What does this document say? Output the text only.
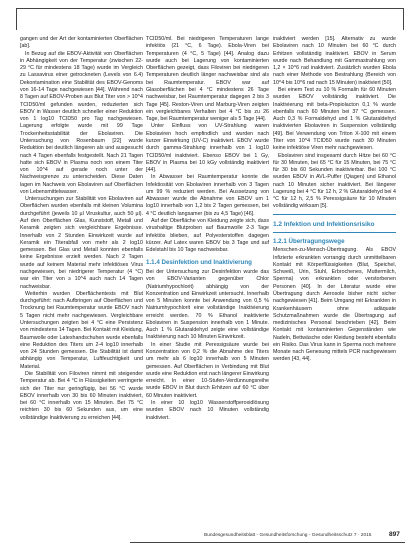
gangen und der Art der kontaminierten Oberflächen [ab].

In Bezug auf die EBOV-Aktivität von Oberflächen in Abhängigkeit von der Temperatur (zwischen 22-29 °C für mindestens 18 Tage) wurde im Vergleich zu Lassavirus einer getrockneten (Levels von 6.4) Dekontamination eine Stabilität des EBOV-Genoms von 16-14 Tage nachgewiesen [44]. Während nach 8 Tagen auf EBOV-Proben aus Blut Titer von > 10^4 TCID50/ml gefunden wurden, reduzierten sich EBOV in Wasser deutlich schneller einer Reduktion von 1 log10 TCID50 pro Tag nachgewiesen. Lagerung erfolgte wurde mit 99 Tage Trockenheitsstabilität der Ebolaviren. Die Untersuchung von Rosenbaum [22] wurde Reduktion bei deutlich längeren als und ausgesucht nach 4 Tagen ebenfalls festgestellt. Nach 21 Tagen hatte sich EBOV in Plasma noch von einem Titer von 10^4 auf gerade noch unter der Nachweisgrenze zu unterscheiden. Diese Daten lagen im Nachweis von Ebolaviren auf Oberflächen von Lebensmittelwasser.

Untersuchungen zur Stabilität von Ebolaviren auf Oberflächen wurden ebenfalls mit kleinen Volumina durchgeführt (jeweils 10 µl Viruskultur, auch 50 µl). Auf den Oberflächen Glas, Kunststoff, Metall und Keramik zeigten sich vergleichbare Ergebnisse. Innerhalb von 2 Stunden Einwirkzeit wurde auf Keramik ein Titerabfall von mehr als 2 log10 gemessen. Bei Glas und Metall konnten ebenfalls keine Ergebnisse erzielt werden. Nach 2 Tagen wurde auf keinem Material mehr infektiöses Virus nachgewiesen, bei niedrigerer Temperatur (4 °C) war ein Titer von ≥ 10^4 auch nach 14 Tagen nachweisbar.

Weiterhin wurden Oberflächentests mit Blut durchgeführt: nach Aufbringen auf Oberflächen und Trocknung bei Raumtemperatur wurde EBOV nach 5 Tagen nicht mehr nachgewiesen. Vergleichbare Untersuchungen zeigten bei 4 °C eine Persistenz von mindestens 14 Tagen. Bei Kontakt mit Kleidung, Baumwolle oder Latexhandschuhen wurde ebenfalls eine Reduktion des Titers um 2-4 log10 innerhalb von 24 Stunden gemessen. Die Stabilität ist damit abhängig von Temperatur, Luftfeuchtigkeit und Material.

Die Stabilität von Filoviren nimmt mit steigender Temperatur ab. Bei 4 °C in Flüssigkeiten verringerte sich der Titer nur geringfügig, bei 56 °C wurde EBOV innerhalb von 30 bis 60 Minuten inaktiviert, bei 60 °C innerhalb von 15 Minuten. Bei 75 °C reichten 30 bis 60 Sekunden aus, um eine vollständige Inaktivierung zu erreichen [44].

TCID50/ml. Bei niedrigeren Temperaturen lange infektiös (21 °C, 6 Tage). Ebola-Viren bei Temperaturen (4 °C, 5 Tage) [44]. Analog dazu wurde auch bei Lagerung von kontaminierten Oberflächen gezeigt, dass Filoviren bei niedrigeren Temperaturen deutlich länger nachweisbar sind als bei Raumtemperatur. EBOV war auf Glasoberflächen bei 4 °C mindestens 26 Tage nachweisbar, bei Raumtemperatur dagegen 2 bis 3 Tage [45]. Reston-Viren und Marburg-Viren zeigten ein vergleichbares Verhalten bei 4 °C bis zu 26 Tage, bei Raumtemperatur weniger als 5 Tage [44].

Unter Einfluss von UV-Strahlung waren Ebolaviren hoch empfindlich und wurden nach kurzer Einwirkung (UV-C) inaktiviert. EBOV wurde durch gamma-Strahlung innerhalb von 1 log10 TCID50/ml inaktiviert. Ebenso EBOV bei 1 Gy, EBOV in Plasma bei 10 kGy vollständig inaktiviert [44].

In Abwasser bei Raumtemperatur konnte die Infektiosität von Ebolaviren innerhalb von 3 Tagen um 99 % reduziert werden. Bei Aussetzung von Abwasser wurde die Abnahme von EBOV um 1 log10 innerhalb von 1,2 bis 2 Tagen gemessen, bei 4 °C deutlich langsamer (bis zu 4,5 Tage) [46].

Auf der Oberfläche von Kleidung zeigte sich, dass virushaltige Blutproben auf Baumwolle 2-3 Tage infektiös blieben, auf Polyesterstoffen dagegen kürzer. Auf Latex waren EBOV bis 3 Tage und auf Edelstahl bis 10 Tage nachweisbar.

1.1.4 Desinfektion und Inaktivierung

Bei der Untersuchung zur Desinfektion wurde das von EBOV-Varianten gegenüber Chlor (Natriumhypochlorit) abhängig von der Konzentration und Einwirkzeit untersucht. Innerhalb von 5 Minuten konnte bei Anwendung von 0,5 % Natriumhypochlorit eine vollständige Inaktivierung erreicht werden. 70 % Ethanol inaktivierte Ebolaviren in Suspension innerhalb von 1 Minute. Auch 1 % Glutaraldehyd zeigte eine vollständige Inaktivierung nach 10 Minuten Einwirkzeit.

In einer Studie mit Peressigsäure wurde bei Konzentration von 0,2 % die Abnahme des Titers um mehr als 6 log10 innerhalb von 5 Minuten gemessen. Auf Oberflächen in Verbindung mit Blut wurde eine Reduktion erst nach längerer Einwirkung erreicht. In einer 10-Stufen-Verdünnungsreihe wurde EBOV in Blut durch Erhitzen auf 60 °C über 60 Minuten inaktiviert.

In einer 10 log10 Wasserstoffperoxidlösung wurden EBOV nach 10 Minuten vollständig inaktiviert.

inaktiviert werden [15]. Alternativ zu wurde Ebolaviren nach 10 Minuten bei 60 °C durch Erhitzen vollständig inaktiviert. EBOV in Serum wurde nach Behandlung mit Gammastrahlung von 1,2 × 10^6 rad inaktiviert. Zusätzlich wurden Ebola nach einer Methode von Bestrahlung (Bereich von 10^4 bis 10^6 rad nach 15 Minuten) inaktiviert [50].

Bei einem Test zu 10 % Formalin für 60 Minuten wurden EBOV vollständig inaktiviert. Die Inaktivierung mit beta-Propiolacton 0,1 % wurde ebenfalls nach 60 Minuten bei 37 °C gemessen. Auch 0,3 % Formaldehyd und 1 % Glutaraldehyd inaktivierten Ebolaviren in Suspension vollständig [49]. Bei Verwendung von Triton X-100 mit einem Titer von 10^4 TCID50 wurde nach 30 Minuten keine infektiöse Viren mehr nachgewiesen.

Ebolaviren sind insgesamt durch Hitze bei 60 °C für 30 Minuten, bei 65 °C für 15 Minuten, bei 75 °C für 30 bis 60 Sekunden inaktivierbar. Bei 100 °C wurden EBOV in AVL-Puffer (Qiagen) und Ethanol nach 10 Minuten sicher inaktiviert. Bei längerer Lagerung bei 4 °C für 12 h, 2 % Glutaraldehyd bei 4 °C für 12 h, 2,5 % Peressigsäure für 10 Minuten vollständig wirksam [5].

1.2 Infektion und Infektionsrisiko
1.2.1 Übertragungswege

Menschen-zu-Mensch-Übertragung. Als EBOV Infizierte erkrankten vorrangig durch unmittelbaren Kontakt mit Körperflüssigkeiten (Blut, Speichel, Schweiß, Urin, Stuhl, Erbrochenes, Muttermilch, Sperma) von erkrankten oder verstorbenen Personen [40]. In der Literatur wurde eine Übertragung durch Aerosole bisher nicht sicher nachgewiesen [41]. Beim Umgang mit Erkrankten in Krankenhäusern ohne adäquate Schutzmaßnahmen wurde die Übertragung auf medizinisches Personal beschrieben [42]. Beim Kontakt mit kontaminierten Gegenständen wie Nadeln, Bettwäsche oder Kleidung besteht ebenfalls ein Risiko. Das Virus kann in Sperma noch mehrere Monate nach Genesung mittels PCR nachgewiesen werden [43, 44].

Bundesgesundheitsblatt - Gesundheitsforschung - Gesundheitsschutz 7 · 2015	897
